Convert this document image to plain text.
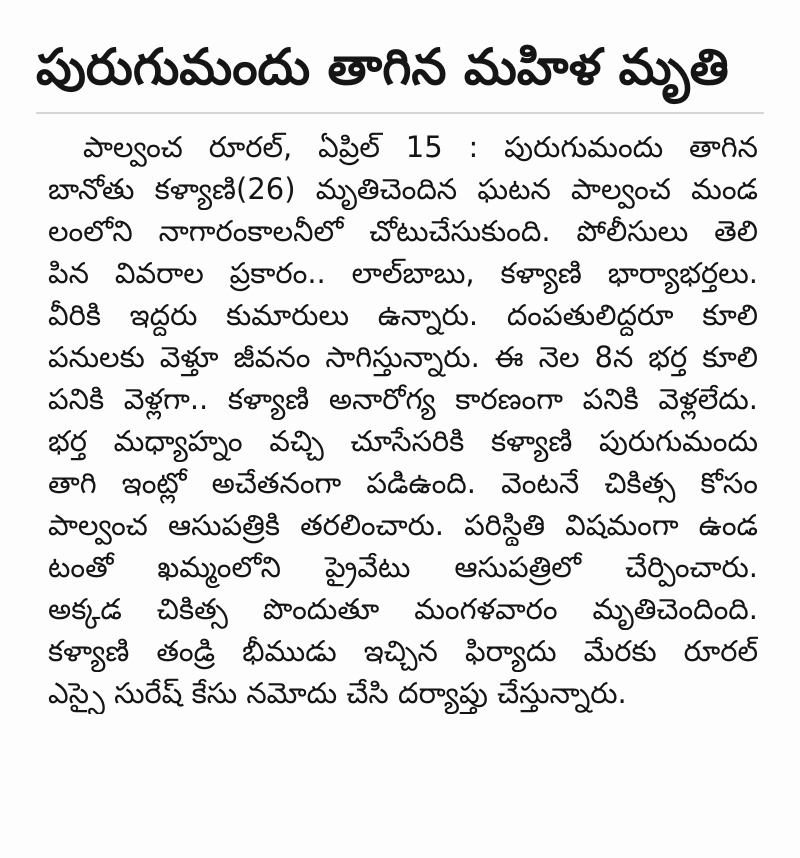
పురుగుమందు తాగిన మహిళ మృతి
పాల్వంచ రూరల్, ఏప్రిల్ 15 : పురుగుమందు తాగిన
బానోతు కళ్యాణి(26) మృతిచెందిన ఘటన పాల్వంచ మండ
లంలోని నాగారంకాలనీలో చోటుచేసుకుంది. పోలీసులు తెలి
పిన వివరాల ప్రకారం.. లాల్‌బాబు, కళ్యాణి భార్యాభర్తలు.
వీరికి ఇద్దరు కుమారులు ఉన్నారు. దంపతులిద్దరూ కూలి
పనులకు వెళ్తూ జీవనం సాగిస్తున్నారు. ఈ నెల 8న భర్త కూలి
పనికి వెళ్లగా.. కళ్యాణి అనారోగ్య కారణంగా పనికి వెళ్లలేదు.
భర్త మధ్యాహ్నం వచ్చి చూసేసరికి కళ్యాణి పురుగుమందు
తాగి ఇంట్లో అచేతనంగా పడిఉంది. వెంటనే చికిత్స కోసం
పాల్వంచ ఆసుపత్రికి తరలించారు. పరిస్థితి విషమంగా ఉండ
టంతో ఖమ్మంలోని ప్రైవేటు ఆసుపత్రిలో చేర్పించారు.
అక్కడ చికిత్స పొందుతూ మంగళవారం మృతిచెందింది.
కళ్యాణి తండ్రి భీముడు ఇచ్చిన ఫిర్యాదు మేరకు రూరల్
ఎస్సై సురేష్ కేసు నమోదు చేసి దర్యాప్తు చేస్తున్నారు.
